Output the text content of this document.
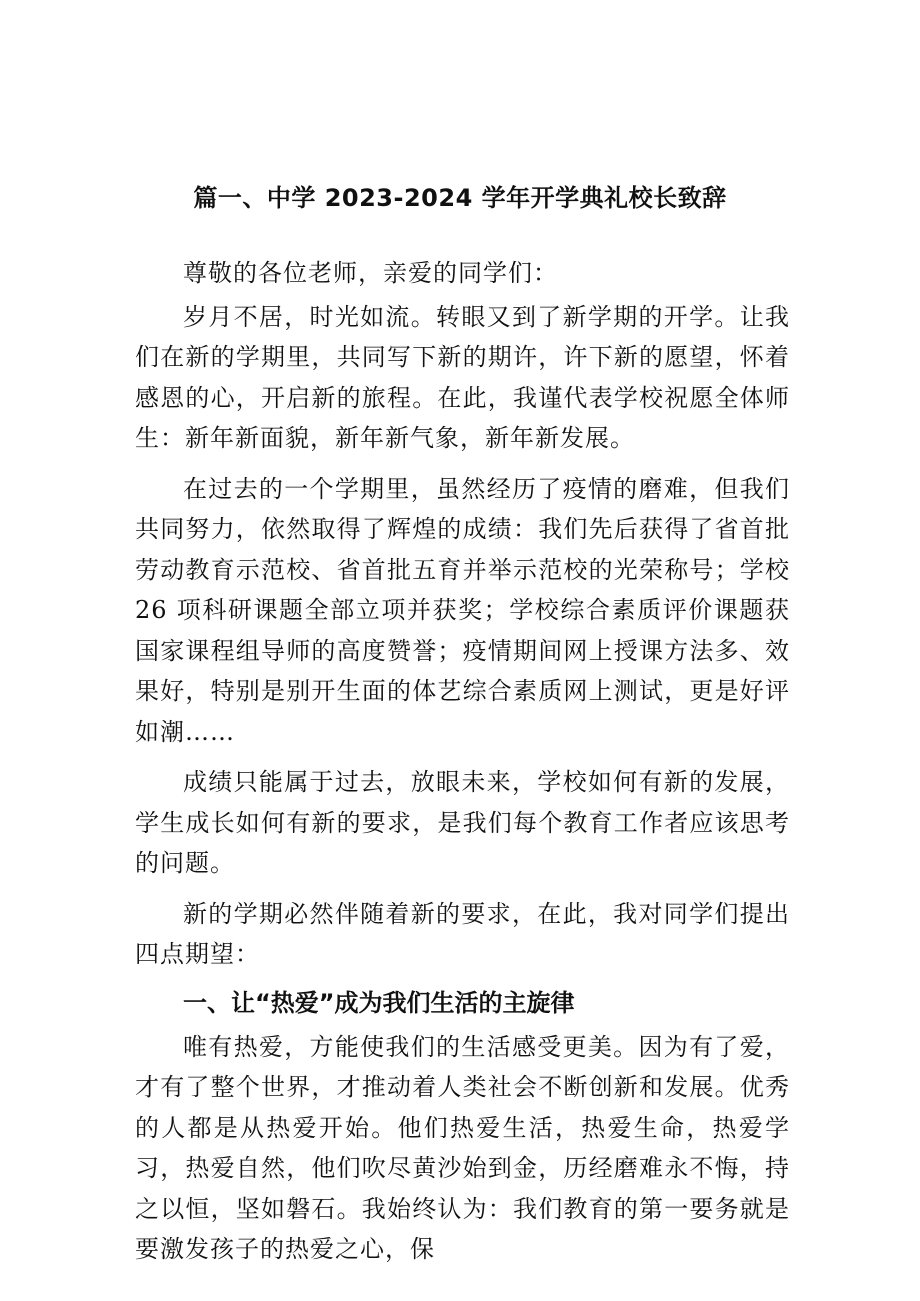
篇一、中学 2023-2024 学年开学典礼校长致辞

尊敬的各位老师，亲爱的同学们：

岁月不居，时光如流。转眼又到了新学期的开学。让我们在新的学期里，共同写下新的期许，许下新的愿望，怀着感恩的心，开启新的旅程。在此，我谨代表学校祝愿全体师生：新年新面貌，新年新气象，新年新发展。

在过去的一个学期里，虽然经历了疫情的磨难，但我们共同努力，依然取得了辉煌的成绩：我们先后获得了省首批劳动教育示范校、省首批五育并举示范校的光荣称号；学校 26 项科研课题全部立项并获奖；学校综合素质评价课题获国家课程组导师的高度赞誉；疫情期间网上授课方法多、效果好，特别是别开生面的体艺综合素质网上测试，更是好评如潮……

成绩只能属于过去，放眼未来，学校如何有新的发展，学生成长如何有新的要求，是我们每个教育工作者应该思考的问题。

新的学期必然伴随着新的要求，在此，我对同学们提出四点期望：

一、让“热爱”成为我们生活的主旋律

唯有热爱，方能使我们的生活感受更美。因为有了爱，才有了整个世界，才推动着人类社会不断创新和发展。优秀的人都是从热爱开始。他们热爱生活，热爱生命，热爱学习，热爱自然，他们吹尽黄沙始到金，历经磨难永不悔，持之以恒，坚如磐石。我始终认为：我们教育的第一要务就是要激发孩子的热爱之心，保
